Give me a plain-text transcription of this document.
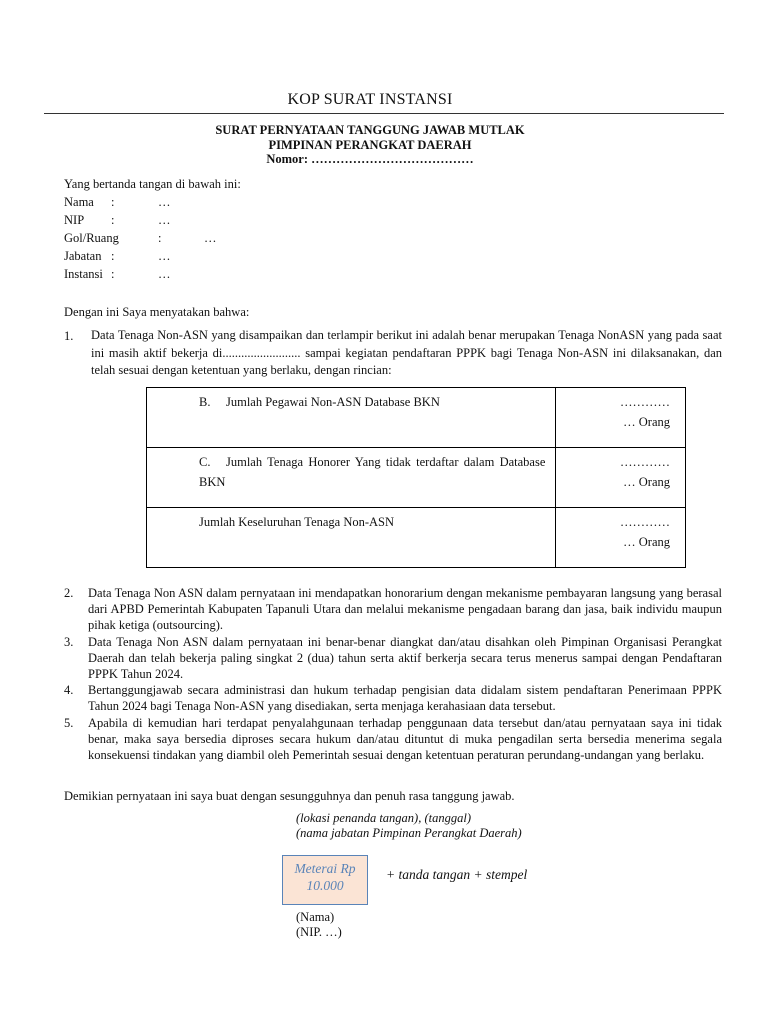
KOP SURAT INSTANSI
SURAT PERNYATAAN TANGGUNG JAWAB MUTLAK
PIMPINAN PERANGKAT DAERAH
Nomor: …………………………………
Yang bertanda tangan di bawah ini:
Nama :	…
NIP :	…
Gol/Ruang	:	…
Jabatan :	…
Instansi :	…
Dengan ini Saya menyatakan bahwa:
1. Data Tenaga Non-ASN yang disampaikan dan terlampir berikut ini adalah benar merupakan Tenaga NonASN yang pada saat ini masih aktif bekerja di......................... sampai kegiatan pendaftaran PPPK bagi Tenaga Non-ASN ini dilaksanakan, dan telah sesuai dengan ketentuan yang berlaku, dengan rincian:
B. Jumlah Pegawai Non-ASN Database BKN	…………
… Orang

C. Jumlah Tenaga Honorer Yang tidak terdaftar dalam Database BKN	…………
… Orang

Jumlah Keseluruhan Tenaga Non-ASN	…………
… Orang
2. Data Tenaga Non ASN dalam pernyataan ini mendapatkan honorarium dengan mekanisme pembayaran langsung yang berasal dari APBD Pemerintah Kabupaten Tapanuli Utara dan melalui mekanisme pengadaan barang dan jasa, baik individu maupun pihak ketiga (outsourcing).
3. Data Tenaga Non ASN dalam pernyataan ini benar-benar diangkat dan/atau disahkan oleh Pimpinan Organisasi Perangkat Daerah dan telah bekerja paling singkat 2 (dua) tahun serta aktif berkerja secara terus menerus sampai dengan Pendaftaran PPPK Tahun 2024.
4. Bertanggungjawab secara administrasi dan hukum terhadap pengisian data didalam sistem pendaftaran Penerimaan PPPK Tahun 2024 bagi Tenaga Non-ASN yang disediakan, serta menjaga kerahasiaan data tersebut.
5. Apabila di kemudian hari terdapat penyalahgunaan terhadap penggunaan data tersebut dan/atau pernyataan saya ini tidak benar, maka saya bersedia diproses secara hukum dan/atau dituntut di muka pengadilan serta bersedia menerima segala konsekuensi tindakan yang diambil oleh Pemerintah sesuai dengan ketentuan peraturan perundang-undangan yang berlaku.
Demikian pernyataan ini saya buat dengan sesungguhnya dan penuh rasa tanggung jawab.
(lokasi penanda tangan), (tanggal)
(nama jabatan Pimpinan Perangkat Daerah)
Meterai Rp
10.000
+ tanda tangan + stempel
(Nama)
(NIP. …)
